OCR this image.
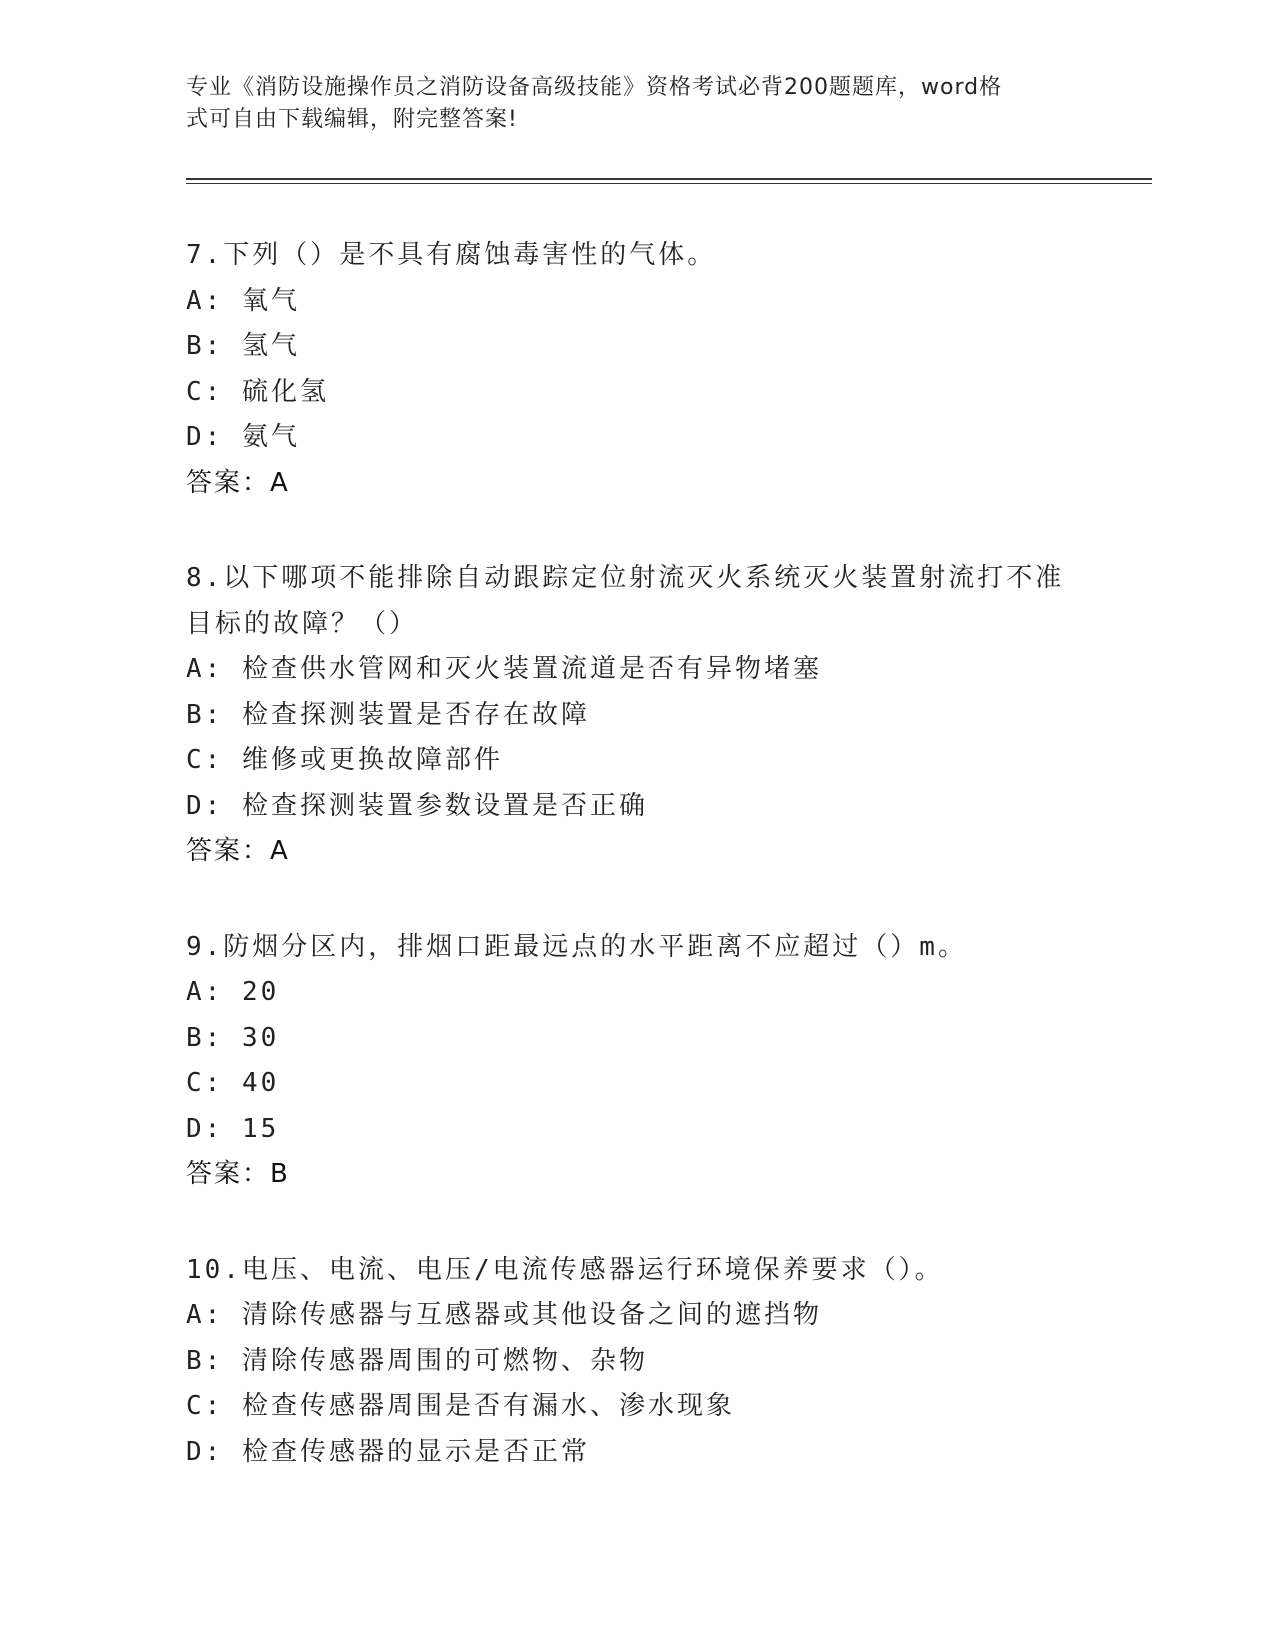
专业《消防设施操作员之消防设备高级技能》资格考试必背200题题库，word格
式可自由下载编辑，附完整答案!
7.下列（）是不具有腐蚀毒害性的气体。
A: 氧气
B: 氢气
C: 硫化氢
D: 氨气
答案：A
8.以下哪项不能排除自动跟踪定位射流灭火系统灭火装置射流打不准
目标的故障？（）
A: 检查供水管网和灭火装置流道是否有异物堵塞
B: 检查探测装置是否存在故障
C: 维修或更换故障部件
D: 检查探测装置参数设置是否正确
答案：A
9.防烟分区内，排烟口距最远点的水平距离不应超过（）m。
A: 20
B: 30
C: 40
D: 15
答案：B
10.电压、电流、电压/电流传感器运行环境保养要求（）。
A: 清除传感器与互感器或其他设备之间的遮挡物
B: 清除传感器周围的可燃物、杂物
C: 检查传感器周围是否有漏水、渗水现象
D: 检查传感器的显示是否正常
